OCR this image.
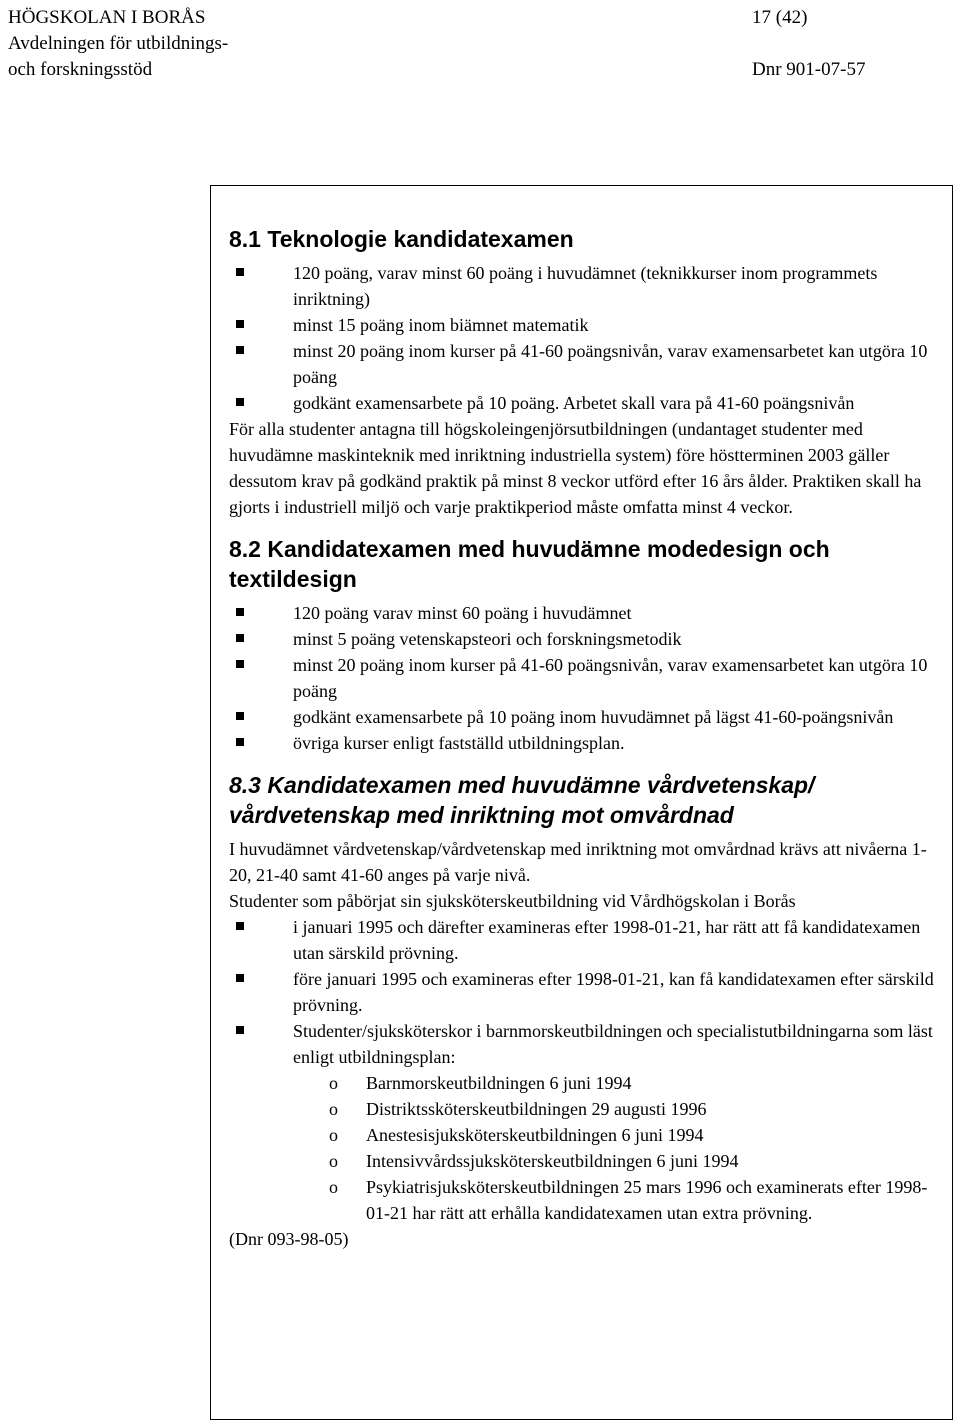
HÖGSKOLAN I BORÅS
Avdelningen för utbildnings-
och forskningsstöd
17 (42)
Dnr 901-07-57
8.1 Teknologie kandidatexamen
120 poäng, varav minst 60 poäng i huvudämnet (teknikkurser inom programmets inriktning)
minst 15 poäng inom biämnet matematik
minst 20 poäng inom kurser på 41-60 poängsnivån, varav examensarbetet kan utgöra 10 poäng
godkänt examensarbete på 10 poäng. Arbetet skall vara på 41-60 poängsnivån

För alla studenter antagna till högskoleingenjörsutbildningen (undantaget studenter med huvudämne maskinteknik med inriktning industriella system) före höstterminen 2003 gäller dessutom krav på godkänd praktik på minst 8 veckor utförd efter 16 års ålder. Praktiken skall ha gjorts i industriell miljö och varje praktikperiod måste omfatta minst 4 veckor.

8.2 Kandidatexamen med huvudämne modedesign och textildesign
120 poäng varav minst 60 poäng i huvudämnet
minst 5 poäng vetenskapsteori och forskningsmetodik
minst 20 poäng inom kurser på 41-60 poängsnivån, varav examensarbetet kan utgöra 10 poäng
godkänt examensarbete på 10 poäng inom huvudämnet på lägst 41-60-poängsnivån
övriga kurser enligt fastställd utbildningsplan.
8.3 Kandidatexamen med huvudämne vårdvetenskap/ vårdvetenskap med inriktning mot omvårdnad

I huvudämnet vårdvetenskap/vårdvetenskap med inriktning mot omvårdnad krävs att nivåerna 1-20, 21-40 samt 41-60 anges på varje nivå.

Studenter som påbörjat sin sjuksköterskeutbildning vid Vårdhögskolan i Borås

i januari 1995 och därefter examineras efter 1998-01-21, har rätt att få kandidatexamen utan särskild prövning.
före januari 1995 och examineras efter 1998-01-21, kan få kandidatexamen efter särskild prövning.
Studenter/sjuksköterskor i barnmorskeutbildningen och specialistutbildningarna som läst enligt utbildningsplan:
o Barnmorskeutbildningen 6 juni 1994
o Distriktssköterskeutbildningen 29 augusti 1996
o Anestesisjuksköterskeutbildningen 6 juni 1994
o Intensivvårdssjuksköterskeutbildningen 6 juni 1994
o Psykiatrisjuksköterskeutbildningen 25 mars 1996 och examinerats efter 1998-01-21 har rätt att erhålla kandidatexamen utan extra prövning.

(Dnr 093-98-05)
